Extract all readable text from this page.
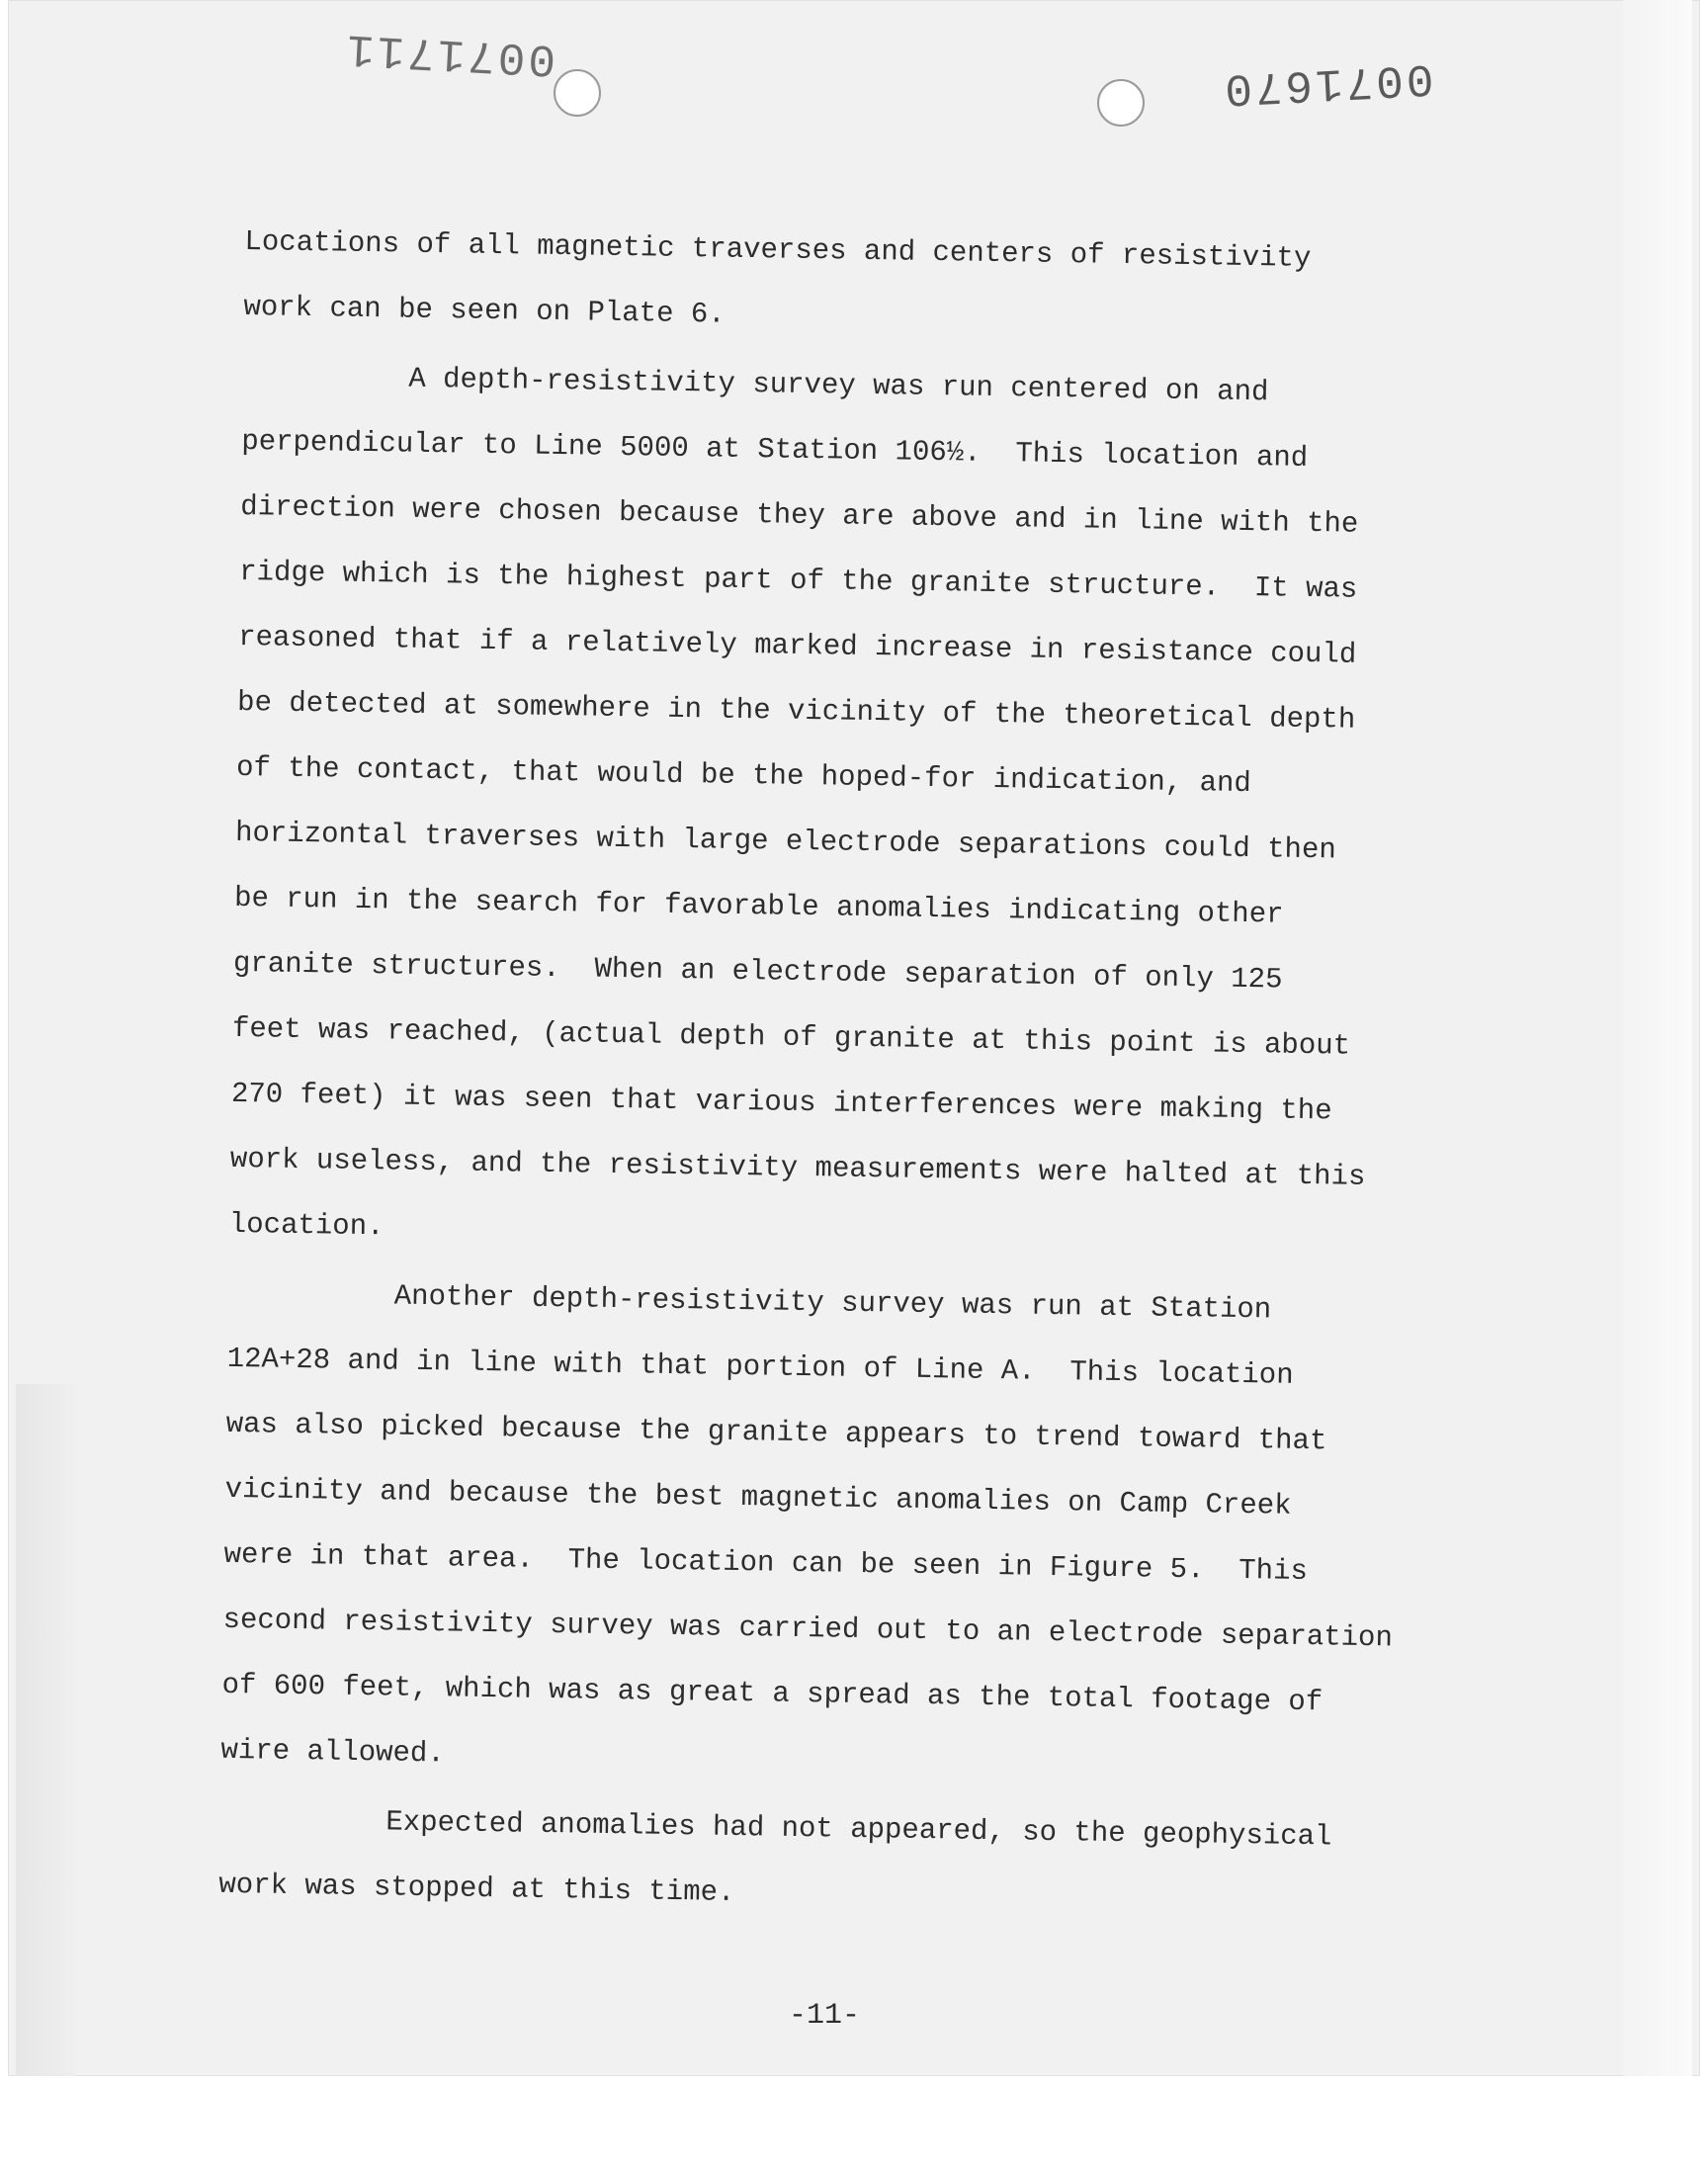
0071711	0071670
Locations of all magnetic traverses and centers of resistivity
work can be seen on Plate 6.
A depth-resistivity survey was run centered on and
perpendicular to Line 5000 at Station 106½.  This location and
direction were chosen because they are above and in line with the
ridge which is the highest part of the granite structure.  It was
reasoned that if a relatively marked increase in resistance could
be detected at somewhere in the vicinity of the theoretical depth
of the contact, that would be the hoped-for indication, and
horizontal traverses with large electrode separations could then
be run in the search for favorable anomalies indicating other
granite structures.  When an electrode separation of only 125
feet was reached, (actual depth of granite at this point is about
270 feet) it was seen that various interferences were making the
work useless, and the resistivity measurements were halted at this
location.
Another depth-resistivity survey was run at Station
12A+28 and in line with that portion of Line A.  This location
was also picked because the granite appears to trend toward that
vicinity and because the best magnetic anomalies on Camp Creek
were in that area.  The location can be seen in Figure 5.  This
second resistivity survey was carried out to an electrode separation
of 600 feet, which was as great a spread as the total footage of
wire allowed.
Expected anomalies had not appeared, so the geophysical
work was stopped at this time.
-11-
